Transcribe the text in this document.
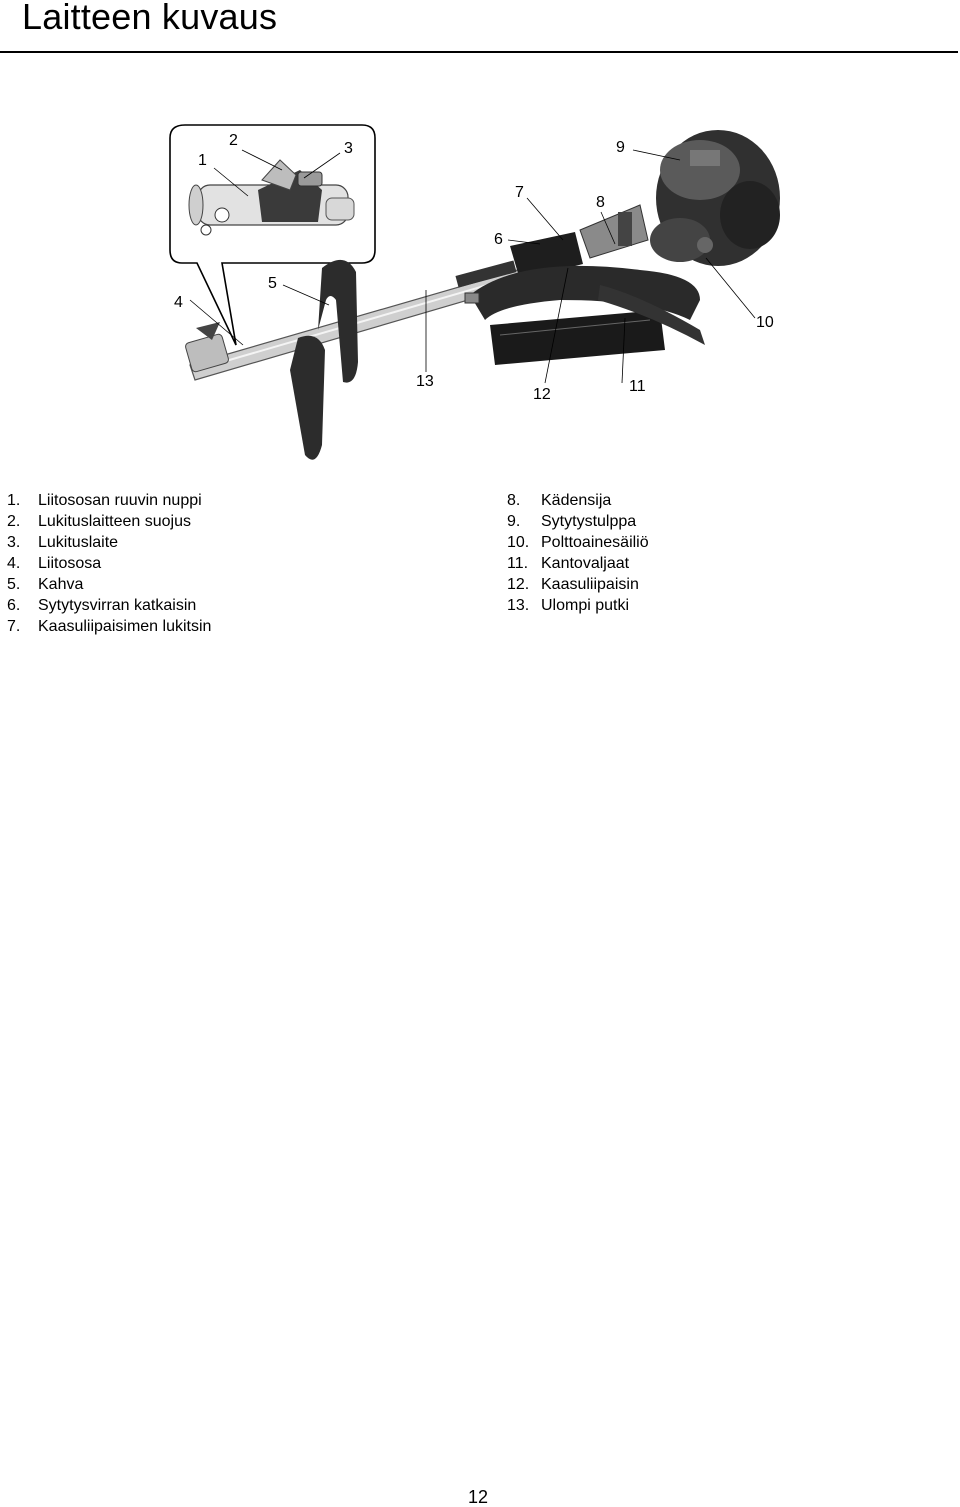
Laitteen kuvaus
1
2	3
4
5
6
7
8
9
10
11
12
13
1.	Liitososan ruuvin nuppi
2.	Lukituslaitteen suojus
3.	Lukituslaite
4.	Liitososa
5.	Kahva
6.	Sytytysvirran katkaisin
7.	Kaasuliipaisimen lukitsin
8.	Kädensija
9.	Sytytystulppa
10. Polttoainesäiliö
11. Kantovaljaat
12. Kaasuliipaisin
13. Ulompi putki
12
